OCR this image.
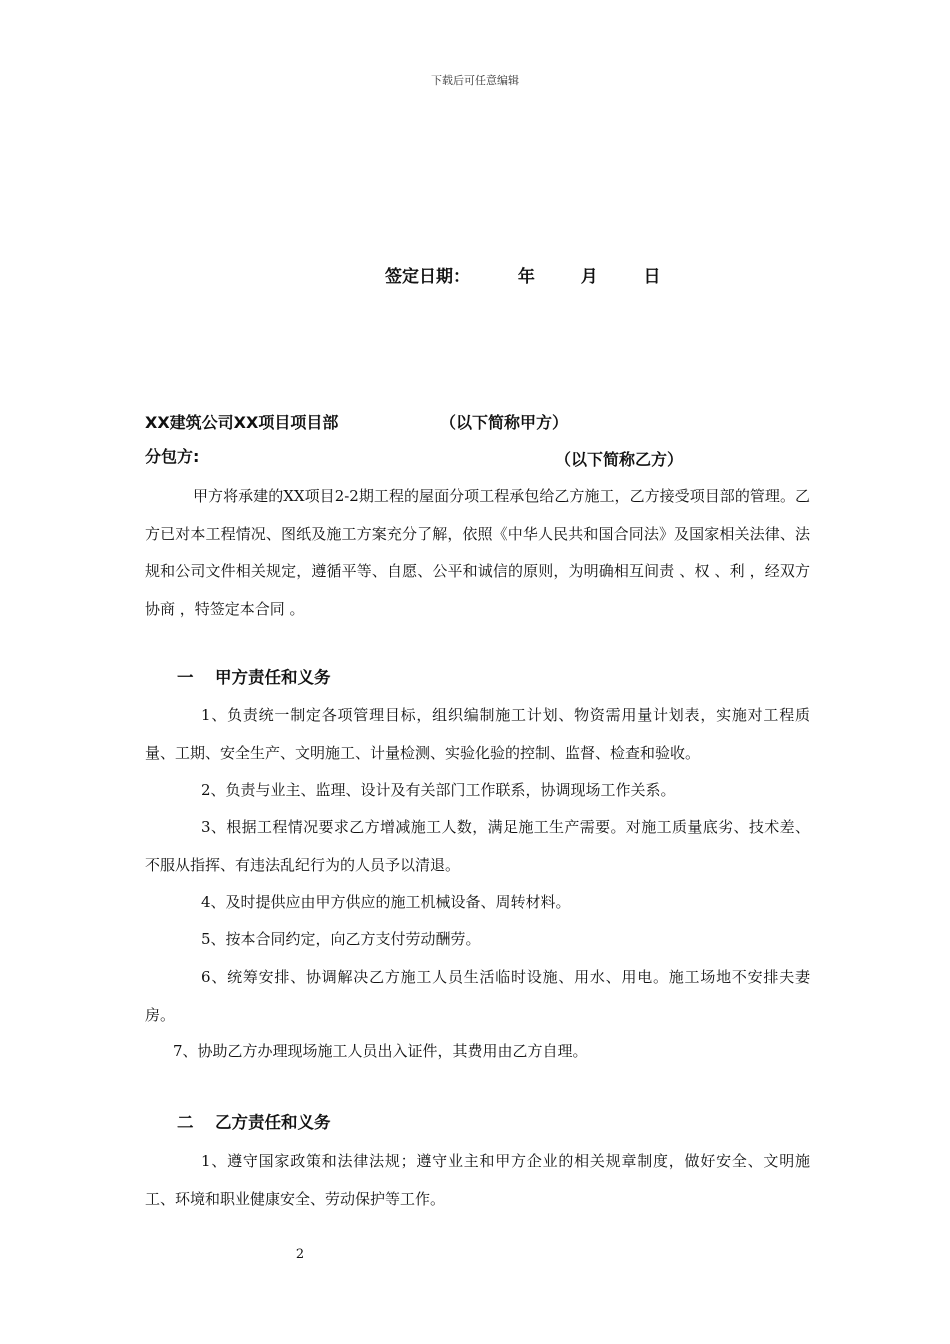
下载后可任意编辑
签定日期：	年	月	日
XX建筑公司XX项目项目部	（以下简称甲方）
分包方:	（以下简称乙方）
甲方将承建的XX项目2-2期工程的屋面分项工程承包给乙方施工，乙方接受项目部的管理。乙方已对本工程情况、图纸及施工方案充分了解，依照《中华人民共和国合同法》及国家相关法律、法规和公司文件相关规定，遵循平等、自愿、公平和诚信的原则，为明确相互间责 、权 、利 ，经双方协商 ，特签定本合同 。
一 甲方责任和义务
1、负责统一制定各项管理目标，组织编制施工计划、物资需用量计划表，实施对工程质量、工期、安全生产、文明施工、计量检测、实验化验的控制、监督、检查和验收。
2、负责与业主、监理、设计及有关部门工作联系，协调现场工作关系。
3、根据工程情况要求乙方增减施工人数，满足施工生产需要。对施工质量底劣、技术差、不服从指挥、有违法乱纪行为的人员予以清退。
4、及时提供应由甲方供应的施工机械设备、周转材料。
5、按本合同约定，向乙方支付劳动酬劳。
6、统筹安排、协调解决乙方施工人员生活临时设施、用水、用电。施工场地不安排夫妻房。
7、协助乙方办理现场施工人员出入证件，其费用由乙方自理。
二 乙方责任和义务
1、遵守国家政策和法律法规；遵守业主和甲方企业的相关规章制度，做好安全、文明施工、环境和职业健康安全、劳动保护等工作。
2
